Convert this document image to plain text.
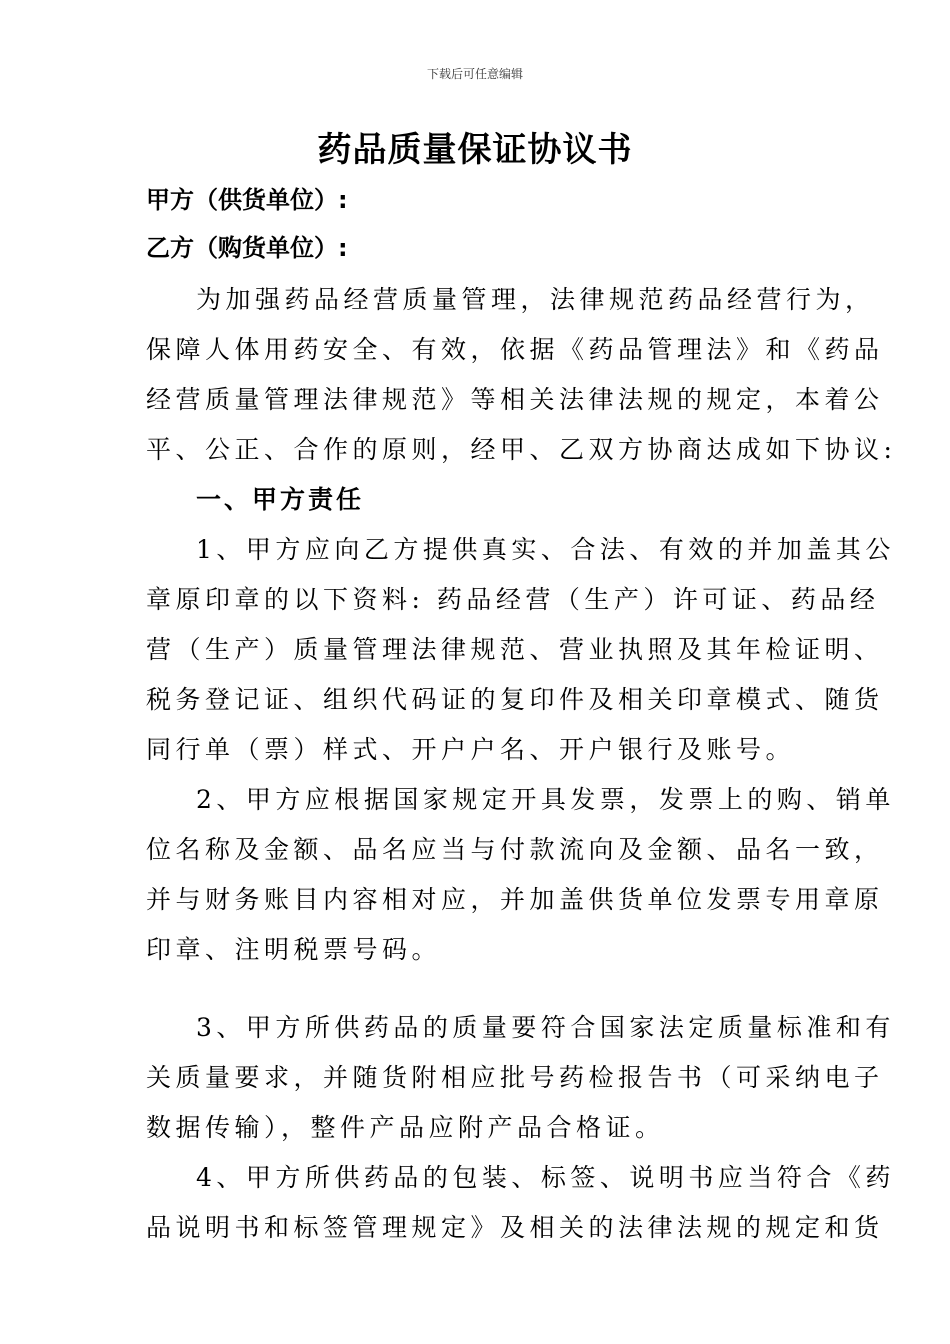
下载后可任意编辑
药品质量保证协议书
甲方（供货单位）:
乙方（购货单位）:
为加强药品经营质量管理，法律规范药品经营行为，
保障人体用药安全、有效，依据《药品管理法》和《药品
经营质量管理法律规范》等相关法律法规的规定，本着公
平、公正、合作的原则，经甲、乙双方协商达成如下协议:
一、甲方责任
1、甲方应向乙方提供真实、合法、有效的并加盖其公
章原印章的以下资料: 药品经营（生产）许可证、药品经
营（生产）质量管理法律规范、营业执照及其年检证明、
税务登记证、组织代码证的复印件及相关印章模式、随货
同行单（票）样式、开户户名、开户银行及账号。
2、甲方应根据国家规定开具发票，发票上的购、销单
位名称及金额、品名应当与付款流向及金额、品名一致，
并与财务账目内容相对应，并加盖供货单位发票专用章原
印章、注明税票号码。
3、甲方所供药品的质量要符合国家法定质量标准和有
关质量要求，并随货附相应批号药检报告书（可采纳电子
数据传输），整件产品应附产品合格证。
4、甲方所供药品的包装、标签、说明书应当符合《药
品说明书和标签管理规定》及相关的法律法规的规定和货
